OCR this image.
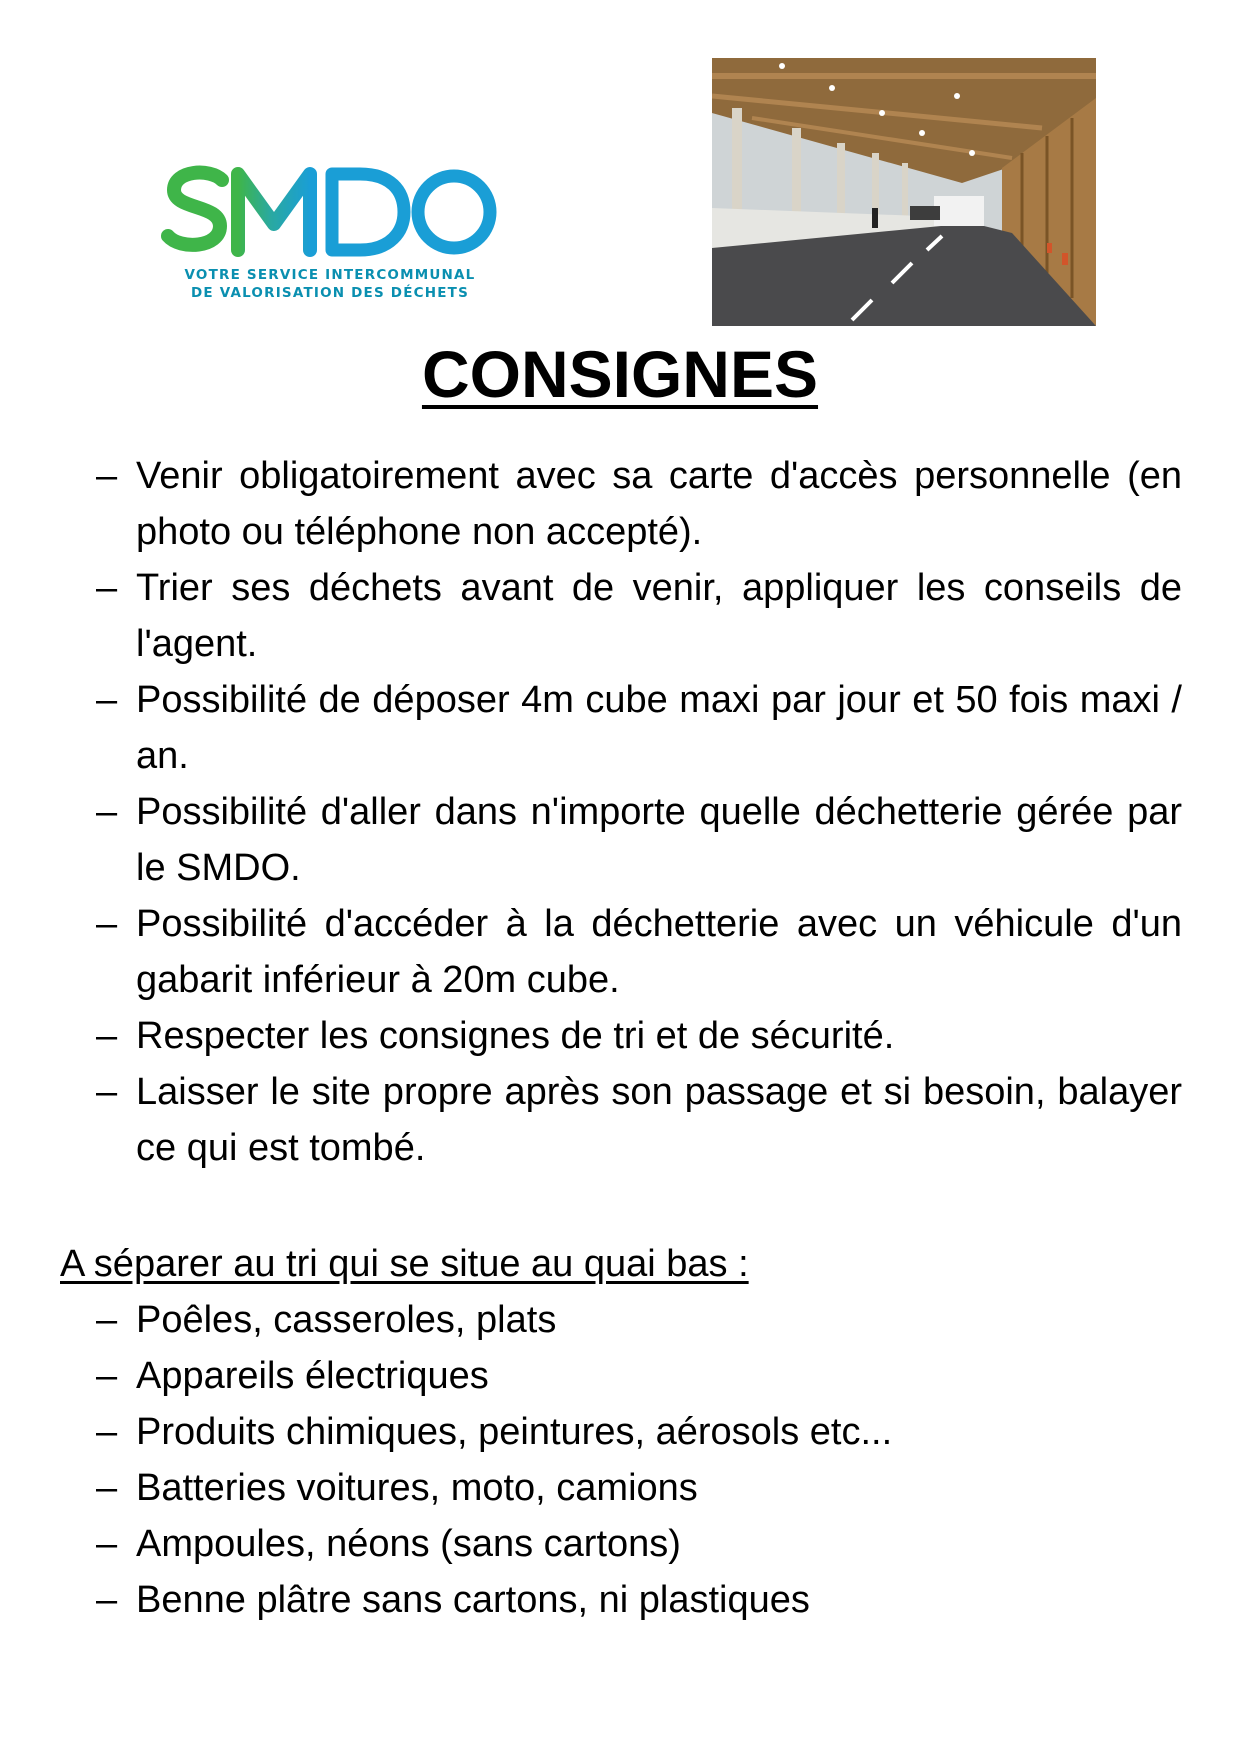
VOTRE SERVICE INTERCOMMUNAL
DE VALORISATION DES DÉCHETS
CONSIGNES
– Venir obligatoirement avec sa carte d'accès personnelle (en photo ou téléphone non accepté).
– Trier ses déchets avant de venir, appliquer les conseils de l'agent.
– Possibilité de déposer 4m cube maxi par jour et 50 fois maxi / an.
– Possibilité d'aller dans n'importe quelle déchetterie gérée par le SMDO.
– Possibilité d'accéder à la déchetterie avec un véhicule d'un gabarit inférieur à 20m cube.
– Respecter les consignes de tri et de sécurité.
– Laisser le site propre après son passage et si besoin, balayer ce qui est tombé.
A séparer au tri qui se situe au quai bas :
– Poêles, casseroles, plats
– Appareils électriques
– Produits chimiques, peintures, aérosols etc...
– Batteries voitures, moto, camions
– Ampoules, néons (sans cartons)
– Benne plâtre sans cartons, ni plastiques
